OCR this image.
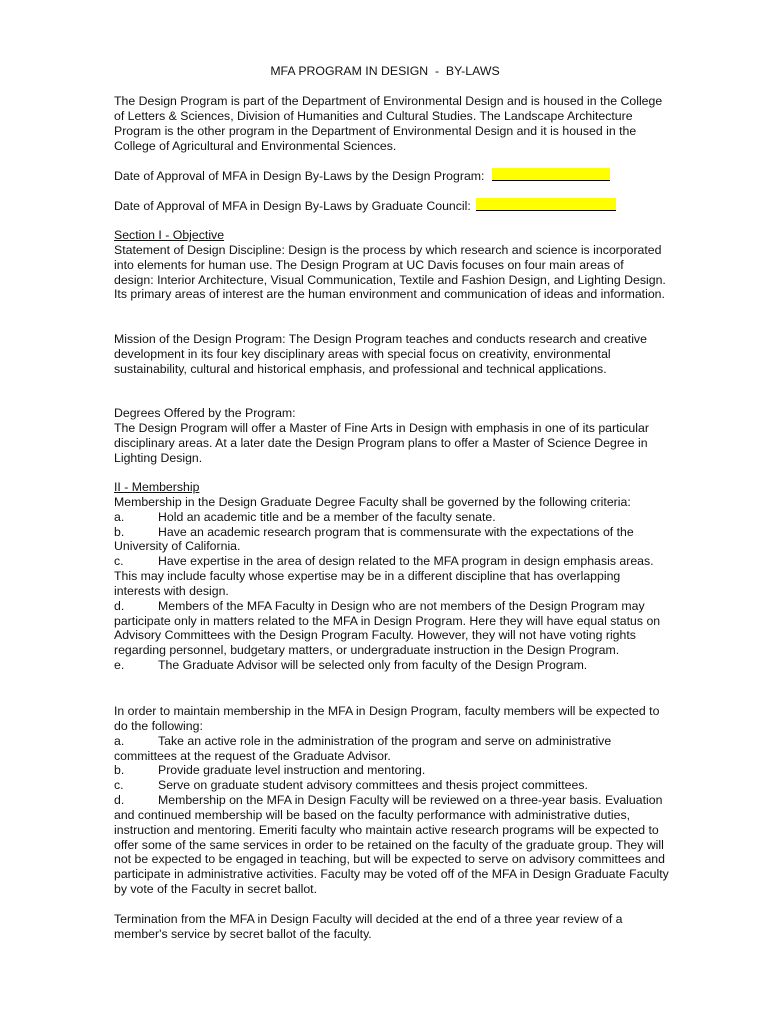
MFA PROGRAM IN DESIGN  -  BY-LAWS

The Design Program is part of the Department of Environmental Design and is housed in the College of Letters & Sciences, Division of Humanities and Cultural Studies. The Landscape Architecture Program is the other program in the Department of Environmental Design and it is housed in the College of Agricultural and Environmental Sciences.

Date of Approval of MFA in Design By-Laws by the Design Program:
Date of Approval of MFA in Design By-Laws by Graduate Council:

Section I - Objective

Statement of Design Discipline: Design is the process by which research and science is incorporated into elements for human use. The Design Program at UC Davis focuses on four main areas of design: Interior Architecture, Visual Communication, Textile and Fashion Design, and Lighting Design. Its primary areas of interest are the human environment and communication of ideas and information.

Mission of the Design Program: The Design Program teaches and conducts research and creative development in its four key disciplinary areas with special focus on creativity, environmental sustainability, cultural and historical emphasis, and professional and technical applications.

Degrees Offered by the Program:

The Design Program will offer a Master of Fine Arts in Design with emphasis in one of its particular disciplinary areas. At a later date the Design Program plans to offer a Master of Science Degree in Lighting Design.

II - Membership

Membership in the Design Graduate Degree Faculty shall be governed by the following criteria:

a.	Hold an academic title and be a member of the faculty senate.
b.	Have an academic research program that is commensurate with the expectations of the University of California.
c.	Have expertise in the area of design related to the MFA program in design emphasis areas. This may include faculty whose expertise may be in a different discipline that has overlapping interests with design.
d.	Members of the MFA Faculty in Design who are not members of the Design Program may participate only in matters related to the MFA in Design Program. Here they will have equal status on Advisory Committees with the Design Program Faculty. However, they will not have voting rights regarding personnel, budgetary matters, or undergraduate instruction in the Design Program.
e.	The Graduate Advisor will be selected only from faculty of the Design Program.

In order to maintain membership in the MFA in Design Program, faculty members will be expected to do the following:

a.	Take an active role in the administration of the program and serve on administrative committees at the request of the Graduate Advisor.
b.	Provide graduate level instruction and mentoring.
c.	Serve on graduate student advisory committees and thesis project committees.
d.	Membership on the MFA in Design Faculty will be reviewed on a three-year basis. Evaluation and continued membership will be based on the faculty performance with administrative duties, instruction and mentoring. Emeriti faculty who maintain active research programs will be expected to offer some of the same services in order to be retained on the faculty of the graduate group. They will not be expected to be engaged in teaching, but will be expected to serve on advisory committees and participate in administrative activities. Faculty may be voted off of the MFA in Design Graduate Faculty by vote of the Faculty in secret ballot.

Termination from the MFA in Design Faculty will decided at the end of a three year review of a member's service by secret ballot of the faculty.
